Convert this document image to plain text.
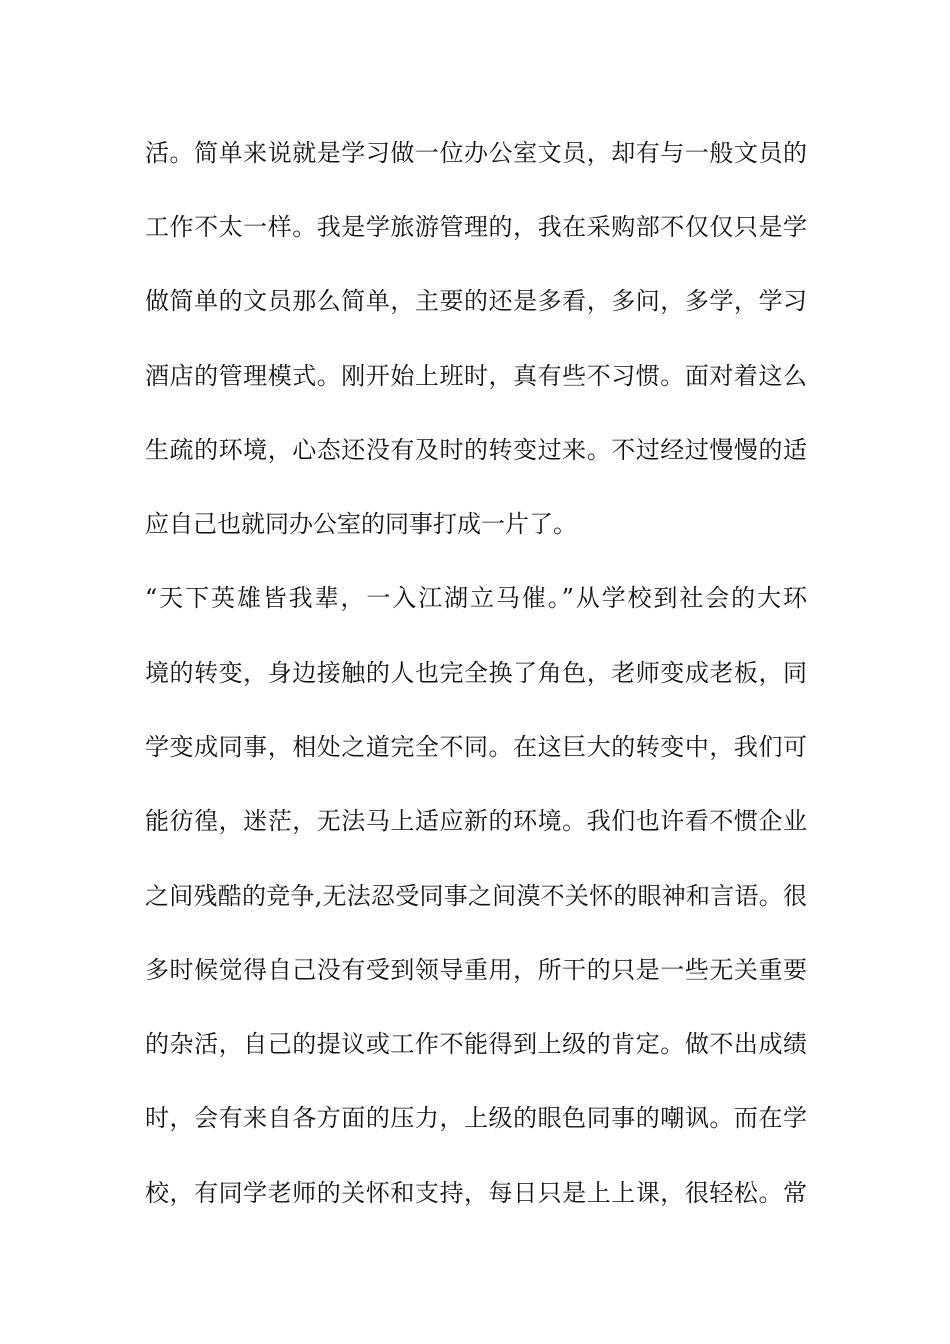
活。简单来说就是学习做一位办公室文员，却有与一般文员的
工作不太一样。我是学旅游管理的，我在采购部不仅仅只是学
做简单的文员那么简单，主要的还是多看，多问，多学，学习
酒店的管理模式。刚开始上班时，真有些不习惯。面对着这么
生疏的环境，心态还没有及时的转变过来。不过经过慢慢的适
应自己也就同办公室的同事打成一片了。
“天下英雄皆我辈，一入江湖立马催。”从学校到社会的大环
境的转变，身边接触的人也完全换了角色，老师变成老板，同
学变成同事，相处之道完全不同。在这巨大的转变中，我们可
能彷徨，迷茫，无法马上适应新的环境。我们也许看不惯企业
之间残酷的竞争,无法忍受同事之间漠不关怀的眼神和言语。很
多时候觉得自己没有受到领导重用，所干的只是一些无关重要
的杂活，自己的提议或工作不能得到上级的肯定。做不出成绩
时，会有来自各方面的压力，上级的眼色同事的嘲讽。而在学
校，有同学老师的关怀和支持，每日只是上上课，很轻松。常
